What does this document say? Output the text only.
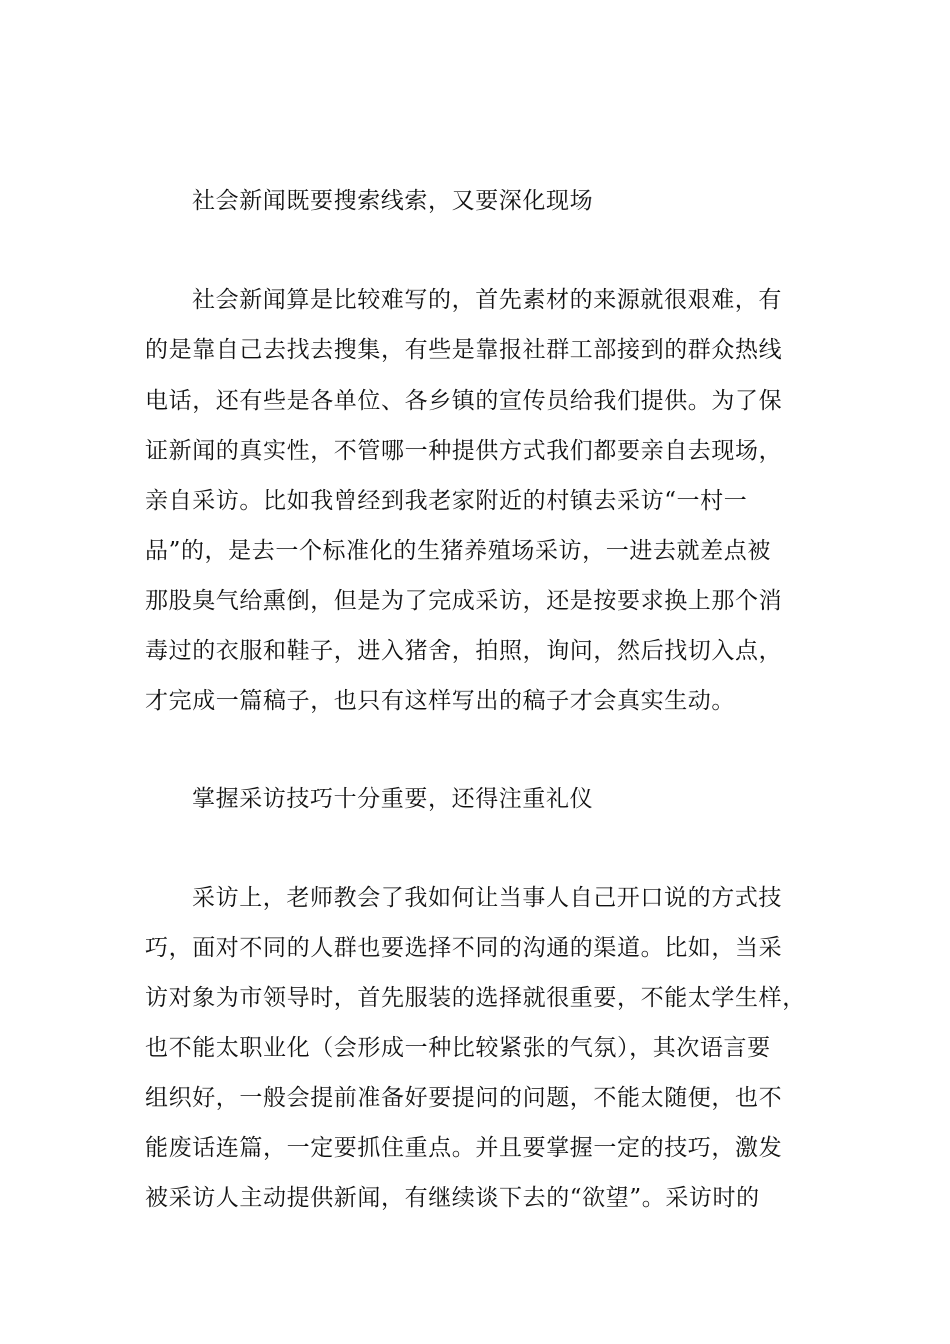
社会新闻既要搜索线索，又要深化现场
社会新闻算是比较难写的，首先素材的来源就很艰难，有
的是靠自己去找去搜集，有些是靠报社群工部接到的群众热线
电话，还有些是各单位、各乡镇的宣传员给我们提供。为了保
证新闻的真实性，不管哪一种提供方式我们都要亲自去现场，
亲自采访。比如我曾经到我老家附近的村镇去采访“一村一
品”的，是去一个标准化的生猪养殖场采访，一进去就差点被
那股臭气给熏倒，但是为了完成采访，还是按要求换上那个消
毒过的衣服和鞋子，进入猪舍，拍照，询问，然后找切入点，
才完成一篇稿子，也只有这样写出的稿子才会真实生动。
掌握采访技巧十分重要，还得注重礼仪
采访上，老师教会了我如何让当事人自己开口说的方式技
巧，面对不同的人群也要选择不同的沟通的渠道。比如，当采
访对象为市领导时，首先服装的选择就很重要，不能太学生样，
也不能太职业化（会形成一种比较紧张的气氛），其次语言要
组织好，一般会提前准备好要提问的问题，不能太随便，也不
能废话连篇，一定要抓住重点。并且要掌握一定的技巧，激发
被采访人主动提供新闻，有继续谈下去的“欲望”。采访时的
